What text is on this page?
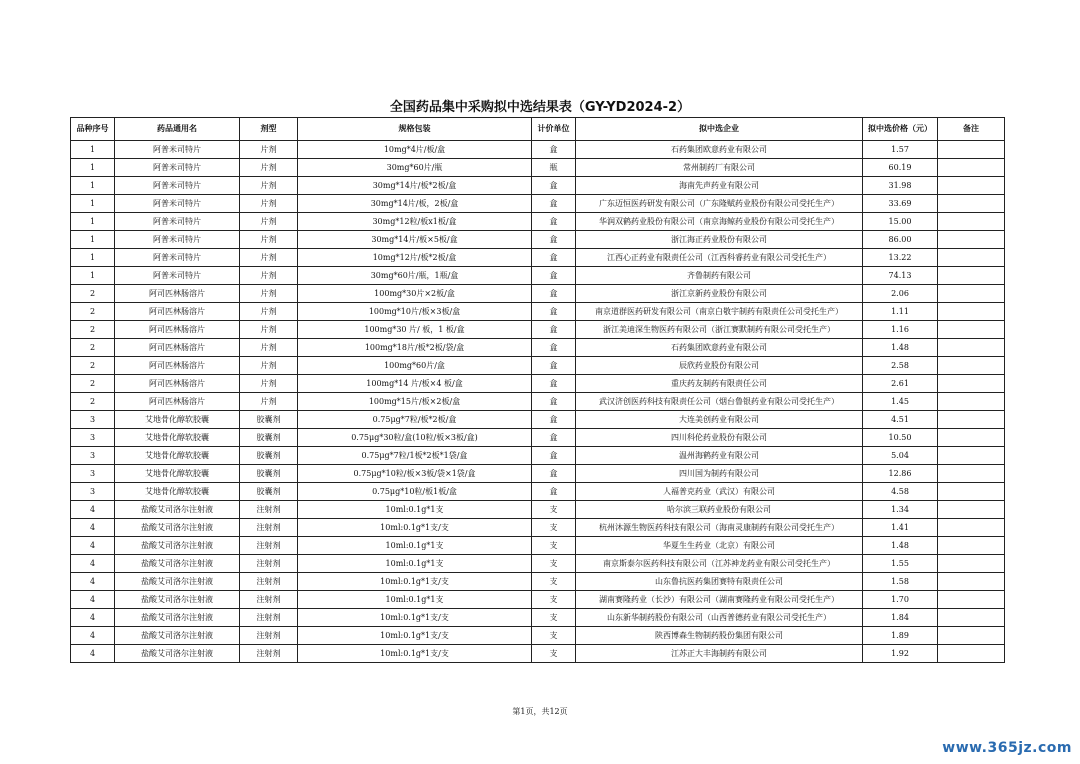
全国药品集中采购拟中选结果表（GY-YD2024-2）
品种序号	药品通用名	剂型	规格包装	计价单位	拟中选企业	拟中选价格（元）	备注
1	阿普米司特片	片剂	10mg*4片/板/盒	盒	石药集团欧意药业有限公司	1.57	
1	阿普米司特片	片剂	30mg*60片/瓶	瓶	常州制药厂有限公司	60.19	
1	阿普米司特片	片剂	30mg*14片/板*2板/盒	盒	海南先声药业有限公司	31.98	
1	阿普米司特片	片剂	30mg*14片/板，2板/盒	盒	广东迈恒医药研发有限公司（广东隆赋药业股份有限公司受托生产）	33.69	
1	阿普米司特片	片剂	30mg*12粒/板x1板/盒	盒	华润双鹤药业股份有限公司（南京海鲸药业股份有限公司受托生产）	15.00	
1	阿普米司特片	片剂	30mg*14片/板×5板/盒	盒	浙江海正药业股份有限公司	86.00	
1	阿普米司特片	片剂	10mg*12片/板*2板/盒	盒	江西心正药业有限责任公司（江西科睿药业有限公司受托生产）	13.22	
1	阿普米司特片	片剂	30mg*60片/瓶，1瓶/盒	盒	齐鲁制药有限公司	74.13	
2	阿司匹林肠溶片	片剂	100mg*30片×2板/盒	盒	浙江京新药业股份有限公司	2.06	
2	阿司匹林肠溶片	片剂	100mg*10片/板×3板/盒	盒	南京道群医药研发有限公司（南京白敬宇制药有限责任公司受托生产）	1.11	
2	阿司匹林肠溶片	片剂	100mg*30 片/ 板，1 板/盒	盒	浙江美迪深生物医药有限公司（浙江赛默制药有限公司受托生产）	1.16	
2	阿司匹林肠溶片	片剂	100mg*18片/板*2板/袋/盒	盒	石药集团欧意药业有限公司	1.48	
2	阿司匹林肠溶片	片剂	100mg*60片/盒	盒	辰欣药业股份有限公司	2.58	
2	阿司匹林肠溶片	片剂	100mg*14 片/板×4 板/盒	盒	重庆药友制药有限责任公司	2.61	
2	阿司匹林肠溶片	片剂	100mg*15片/板×2板/盒	盒	武汉济创医药科技有限责任公司（烟台鲁银药业有限公司受托生产）	1.45	
3	艾地骨化醇软胶囊	胶囊剂	0.75μg*7粒/板*2板/盒	盒	大连美创药业有限公司	4.51	
3	艾地骨化醇软胶囊	胶囊剂	0.75μg*30粒/盒(10粒/板×3板/盒)	盒	四川科伦药业股份有限公司	10.50	
3	艾地骨化醇软胶囊	胶囊剂	0.75μg*7粒/1板*2板*1袋/盒	盒	温州海鹤药业有限公司	5.04	
3	艾地骨化醇软胶囊	胶囊剂	0.75μg*10粒/板×3板/袋×1袋/盒	盒	四川国为制药有限公司	12.86	
3	艾地骨化醇软胶囊	胶囊剂	0.75μg*10粒/板1板/盒	盒	人福普克药业（武汉）有限公司	4.58	
4	盐酸艾司洛尔注射液	注射剂	10ml:0.1g*1支	支	哈尔滨三联药业股份有限公司	1.34	
4	盐酸艾司洛尔注射液	注射剂	10ml:0.1g*1支/支	支	杭州沐源生物医药科技有限公司（海南灵康制药有限公司受托生产）	1.41	
4	盐酸艾司洛尔注射液	注射剂	10ml:0.1g*1支	支	华夏生生药业（北京）有限公司	1.48	
4	盐酸艾司洛尔注射液	注射剂	10ml:0.1g*1支	支	南京斯泰尔医药科技有限公司（江苏神龙药业有限公司受托生产）	1.55	
4	盐酸艾司洛尔注射液	注射剂	10ml:0.1g*1支/支	支	山东鲁抗医药集团赛特有限责任公司	1.58	
4	盐酸艾司洛尔注射液	注射剂	10ml:0.1g*1支	支	湖南赛隆药业（长沙）有限公司（湖南赛隆药业有限公司受托生产）	1.70	
4	盐酸艾司洛尔注射液	注射剂	10ml:0.1g*1支/支	支	山东新华制药股份有限公司（山西普德药业有限公司受托生产）	1.84	
4	盐酸艾司洛尔注射液	注射剂	10ml:0.1g*1支/支	支	陕西博森生物制药股份集团有限公司	1.89	
4	盐酸艾司洛尔注射液	注射剂	10ml:0.1g*1支/支	支	江苏正大丰海制药有限公司	1.92	
第1页，共12页
www.365jz.com
